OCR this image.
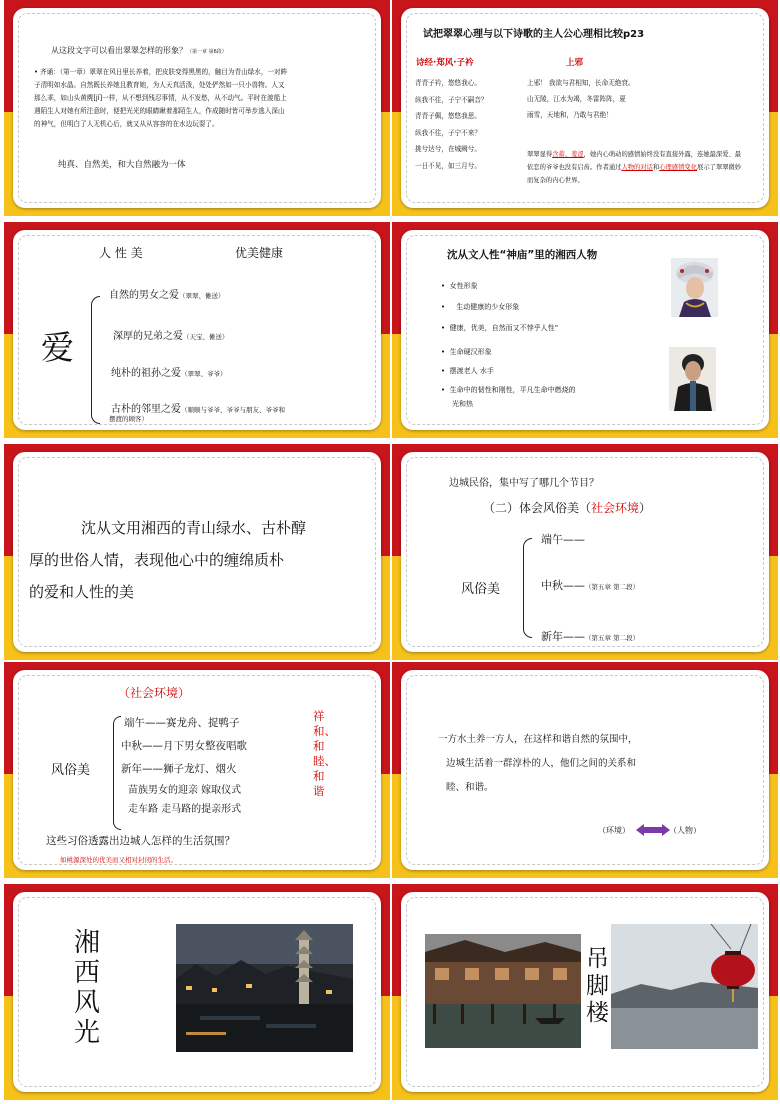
从这段文字可以看出翠翠怎样的形象？（第一章 第6段）
• 齐诵：（第一章）翠翠在风日里长养着，把皮肤变得黑黑的，触目为青山绿水，一对眸
子清明如水晶。自然既长养她且教育她，为人天真活泼，处处俨然如一只小兽物。人又
那么乖，如山头黄麂[jǐ]一样，从不想到残忍事情，从不发愁，从不动气。平时在渡船上
遇陌生人对她有所注意时，便把光光的眼睛瞅着那陌生人，作成随时皆可举步逃入深山
的神气，但明白了人无机心后，就又从从容容的在水边玩耍了。
纯真、自然美，和大自然融为一体
试把翠翠心理与以下诗歌的主人公心理相比较p23
诗经·郑风·子衿	上邪
青青子衿，悠悠我心。
纵我不往，子宁不嗣音？
青青子佩，悠悠我思。
纵我不往，子宁不来？
挑兮达兮，在城阙兮。
一日不见，如三月兮。
上邪！ 我欲与君相知，长命无绝衰。
山无陵，江水为竭，冬雷阵阵，夏
雨雪，天地和，乃敢与君绝！
翠翠显得含蓄、羞涩，她内心萌动的感情始终没有直接外露，连她最深爱、最依恋的爷爷也没有启齿。作者通过人物的对话和心理感情变化展示了翠翠微妙而复杂的内心世界。
人 性 美	优美健康
爱
自然的男女之爱（翠翠、傩送）
深厚的兄弟之爱（天宝、傩送）
纯朴的祖孙之爱（翠翠、爷爷）
古朴的邻里之爱（顺顺与爷爷、爷爷与朋友、爷爷和
摆渡的顾客）
沈从文人性“神庙”里的湘西人物
•  女性形象
•     生动健康的少女形象
•  健康，优美，自然而又不悖乎人性”
•  生命硬汉形象
•  摆渡老人 水手
•  生命中的韧性和刚性，平凡生命中燃烧的
光和热
沈从文用湘西的青山绿水、古朴醇
厚的世俗人情，表现他心中的缠绵质朴
的爱和人性的美
边城民俗，集中写了哪几个节目？
（二）体会风俗美（社会环境）
风俗美
端午——
中秋——（第五章 第二段）
新年——（第五章 第二段）
（社会环境）
风俗美
端午——赛龙舟、捉鸭子
中秋——月下男女整夜唱歌
新年——狮子龙灯、烟火
苗族男女的迎亲 嫁取仪式
走车路 走马路的提亲形式
祥和、和睦、和谐
这些习俗透露出边城人怎样的生活氛围？
如桃源深处的优美而又相对封闭的生活。
一方水土养一方人，在这样和谐自然的氛围中，
边城生活着一群淳朴的人，他们之间的关系和
睦、和谐。
（环境）	（人物）
湘西风光
吊脚楼
